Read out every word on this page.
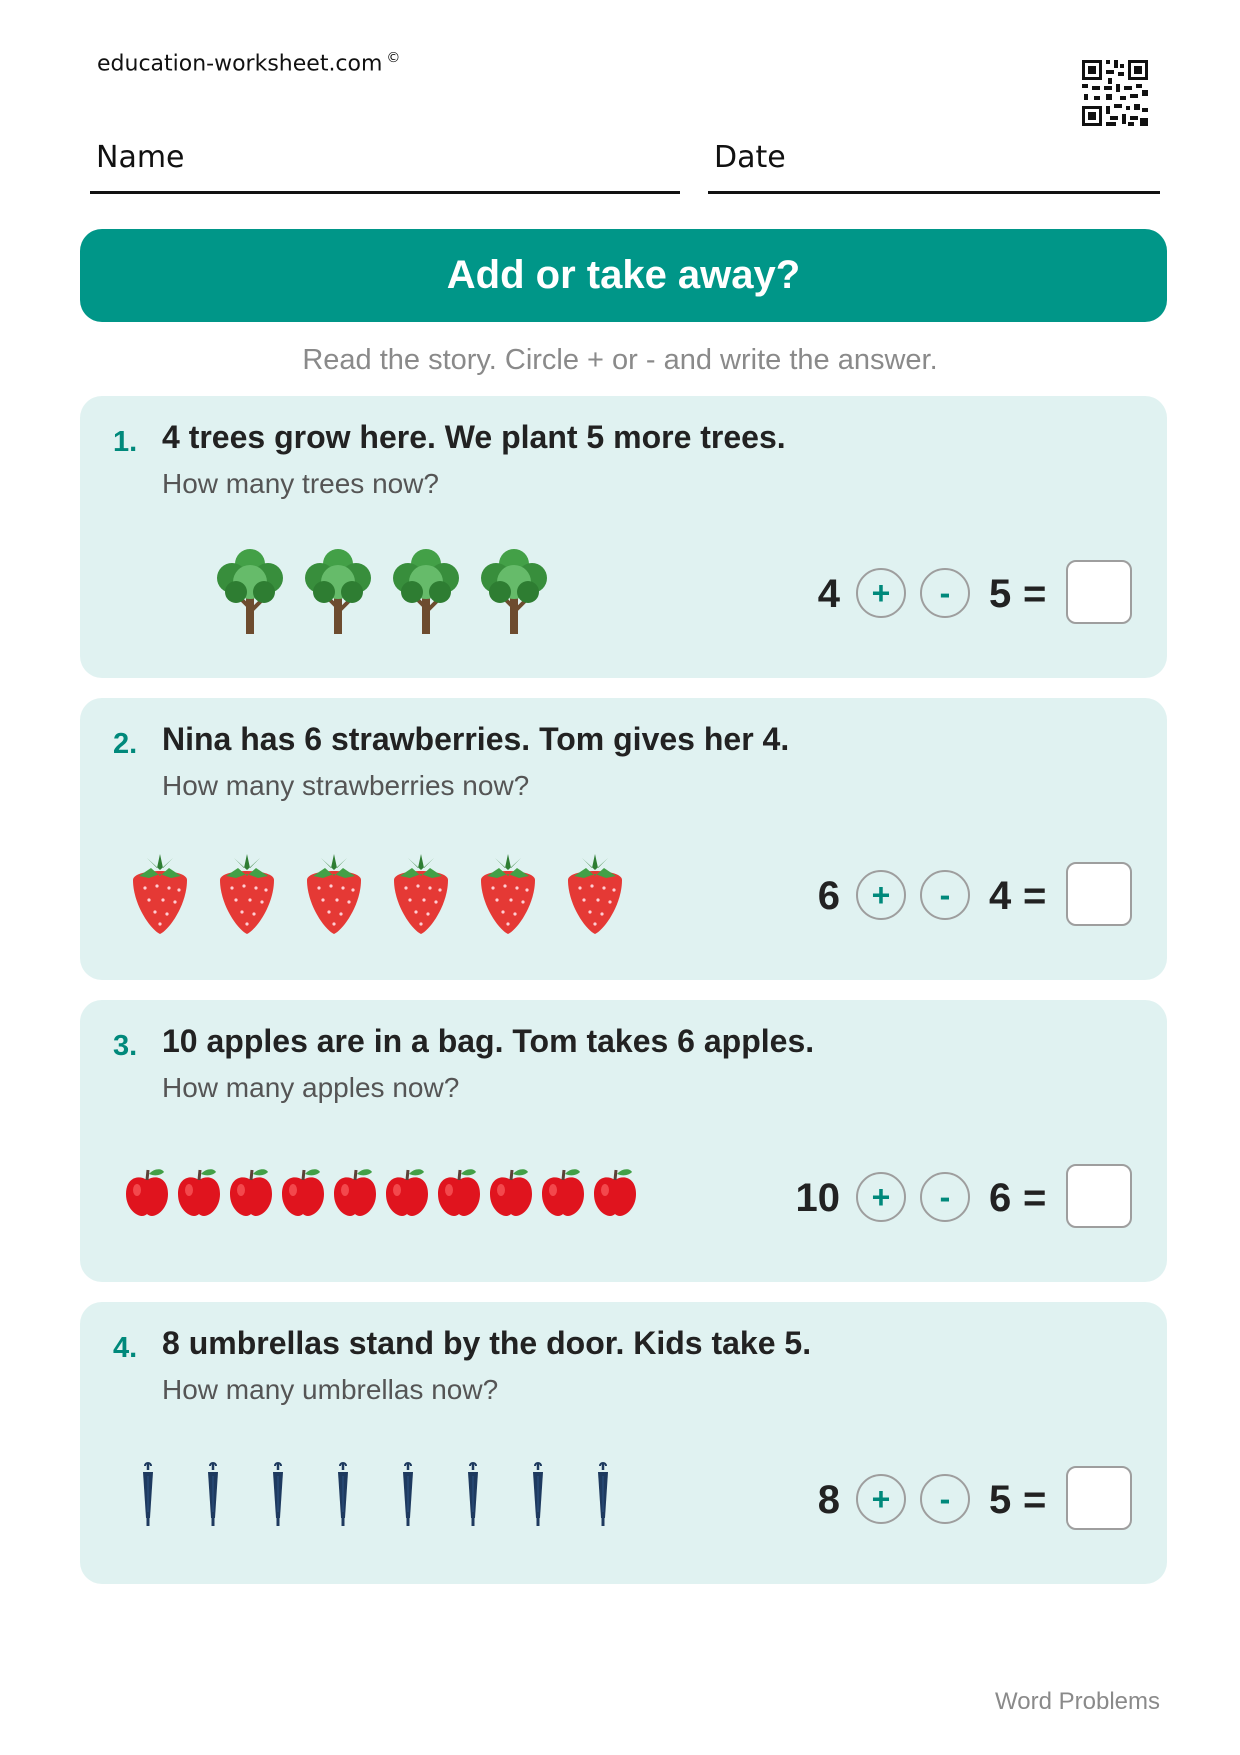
education-worksheet.com ©
Name	Date
Add or take away?
Read the story. Circle + or - and write the answer.
1. 4 trees grow here. We plant 5 more trees.
How many trees now?
4 +	- 5 =
2. Nina has 6 strawberries. Tom gives her 4.
How many strawberries now?
6 +	- 4 =
3. 10 apples are in a bag. Tom takes 6 apples.
How many apples now?
10 +	- 6 =
4. 8 umbrellas stand by the door. Kids take 5.
How many umbrellas now?
8 +	- 5 =
Word Problems
